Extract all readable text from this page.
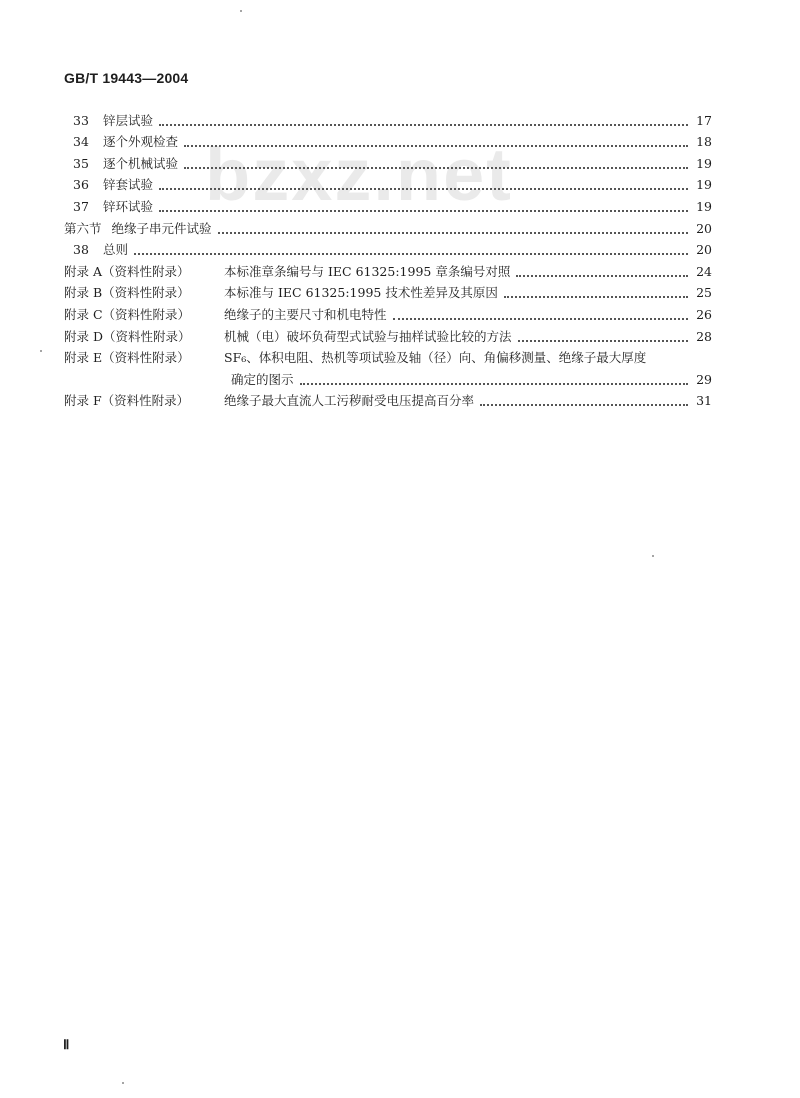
bzxz.net
GB/T 19443—2004
33	锌层试验	17
34	逐个外观检查	18
35	逐个机械试验	19
36	锌套试验	19
37	锌环试验	19
第六节 绝缘子串元件试验	20
38	总则	20
附录 A（资料性附录）	本标准章条编号与 IEC 61325:1995 章条编号对照	24
附录 B（资料性附录）	本标准与 IEC 61325:1995 技术性差异及其原因	25
附录 C（资料性附录）	绝缘子的主要尺寸和机电特性	26
附录 D（资料性附录）	机械（电）破坏负荷型式试验与抽样试验比较的方法	28
附录 E（资料性附录）	SF₆、体积电阻、热机等项试验及轴（径）向、角偏移测量、绝缘子最大厚度
确定的图示	29
附录 F（资料性附录）	绝缘子最大直流人工污秽耐受电压提高百分率	31
Ⅱ
